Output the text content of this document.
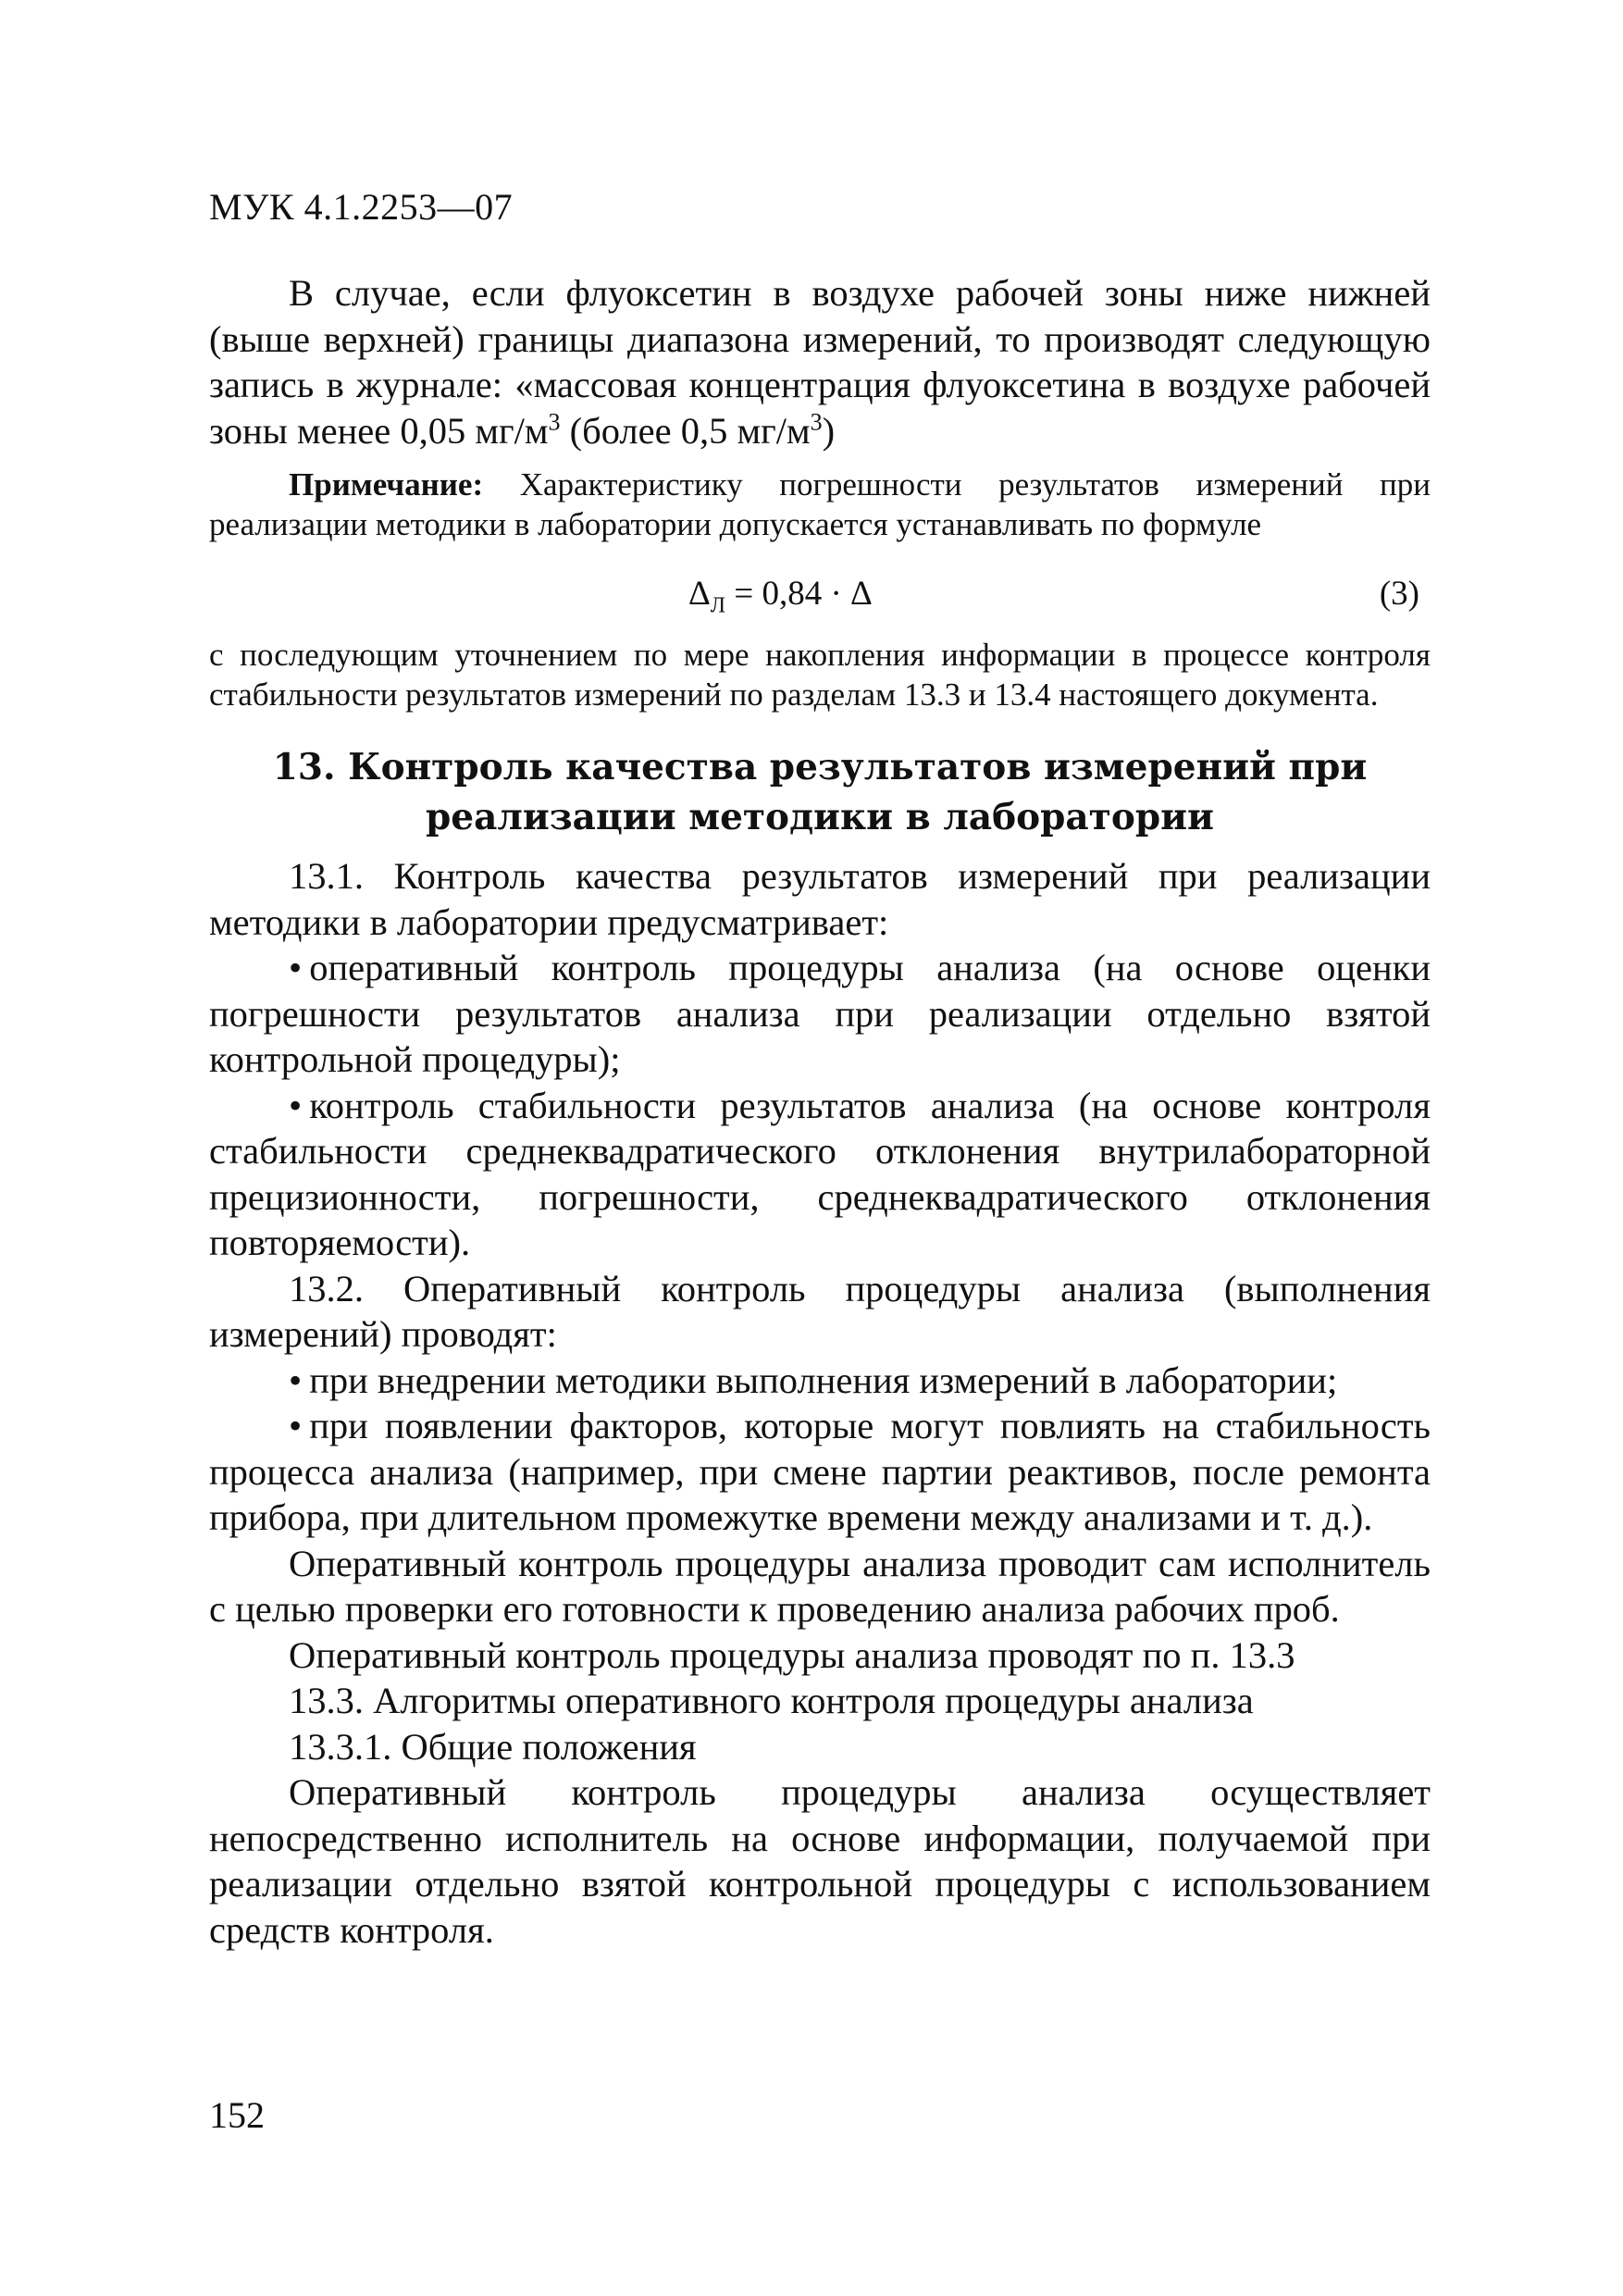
МУК 4.1.2253—07

В случае, если флуоксетин в воздухе рабочей зоны ниже нижней (выше верхней) границы диапазона измерений, то производят следующую запись в журнале: «массовая концентрация флуоксетина в воздухе рабочей зоны менее 0,05 $мг/м^3$ (более 0,5 $мг/м^3$)

Примечание: Характеристику погрешности результатов измерений при реализации методики в лаборатории допускается устанавливать по формуле

$\Delta_Л = 0,84 \cdot \Delta$	(3)

с последующим уточнением по мере накопления информации в процессе контроля стабильности результатов измерений по разделам 13.3 и 13.4 настоящего документа.

13. Контроль качества результатов измерений при
реализации методики в лаборатории

13.1. Контроль качества результатов измерений при реализации методики в лаборатории предусматривает:

• оперативный контроль процедуры анализа (на основе оценки погрешности результатов анализа при реализации отдельно взятой контрольной процедуры);

• контроль стабильности результатов анализа (на основе контроля стабильности среднеквадратического отклонения внутрилабораторной прецизионности, погрешности, среднеквадратического отклонения повторяемости).

13.2. Оперативный контроль процедуры анализа (выполнения измерений) проводят:

• при внедрении методики выполнения измерений в лаборатории;

• при появлении факторов, которые могут повлиять на стабильность процесса анализа (например, при смене партии реактивов, после ремонта прибора, при длительном промежутке времени между анализами и т. д.).

Оперативный контроль процедуры анализа проводит сам исполнитель с целью проверки его готовности к проведению анализа рабочих проб.

Оперативный контроль процедуры анализа проводят по п. 13.3

13.3. Алгоритмы оперативного контроля процедуры анализа

13.3.1. Общие положения

Оперативный контроль процедуры анализа осуществляет непосредственно исполнитель на основе информации, получаемой при реализации отдельно взятой контрольной процедуры с использованием средств контроля.

152
